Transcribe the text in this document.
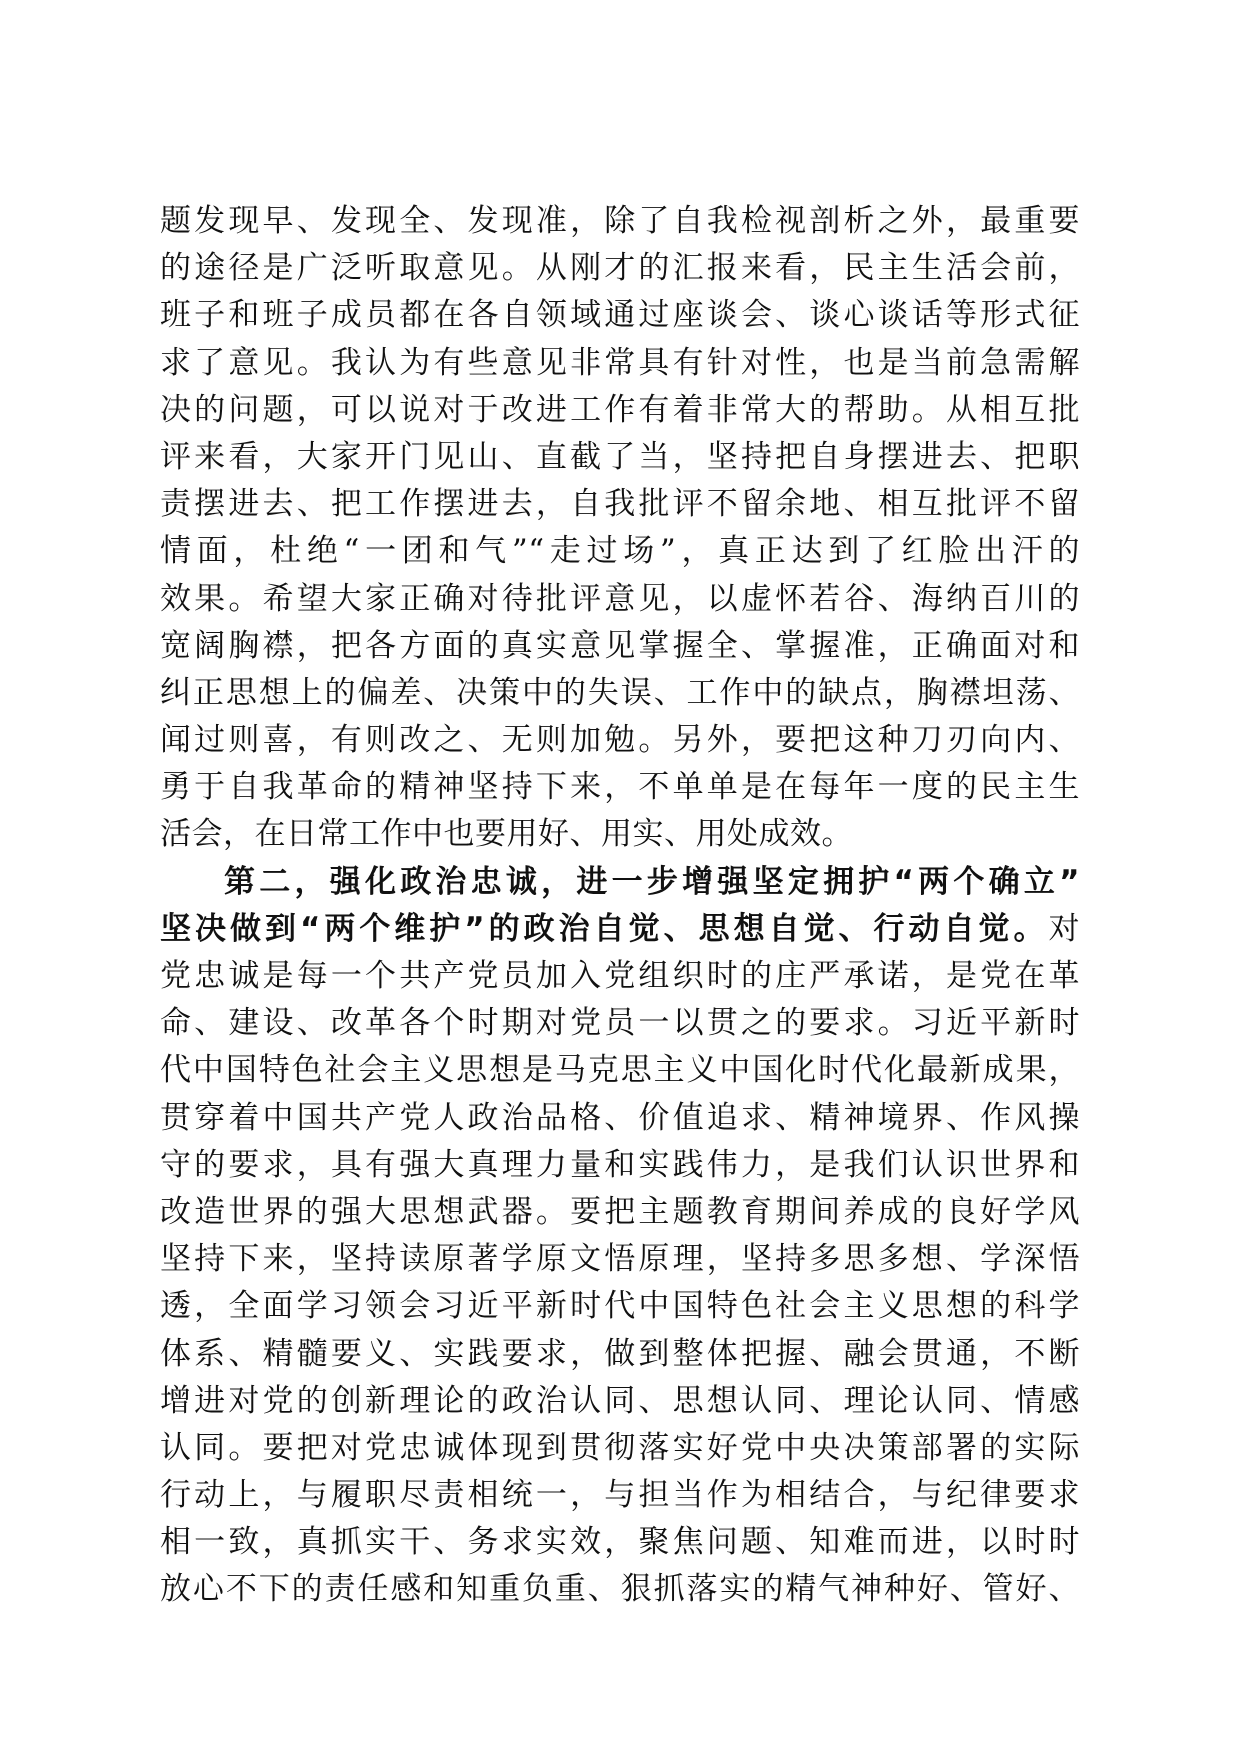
题发现早、发现全、发现准，除了自我检视剖析之外，最重要
的途径是广泛听取意见。从刚才的汇报来看，民主生活会前，
班子和班子成员都在各自领域通过座谈会、谈心谈话等形式征
求了意见。我认为有些意见非常具有针对性，也是当前急需解
决的问题，可以说对于改进工作有着非常大的帮助。从相互批
评来看，大家开门见山、直截了当，坚持把自身摆进去、把职
责摆进去、把工作摆进去，自我批评不留余地、相互批评不留
情面，杜绝“一团和气”“走过场”，真正达到了红脸出汗的
效果。希望大家正确对待批评意见，以虚怀若谷、海纳百川的
宽阔胸襟，把各方面的真实意见掌握全、掌握准，正确面对和
纠正思想上的偏差、决策中的失误、工作中的缺点，胸襟坦荡、
闻过则喜，有则改之、无则加勉。另外，要把这种刀刃向内、
勇于自我革命的精神坚持下来，不单单是在每年一度的民主生
活会，在日常工作中也要用好、用实、用处成效。
第二，强化政治忠诚，进一步增强坚定拥护“两个确立”
坚决做到“两个维护”的政治自觉、思想自觉、行动自觉。对
党忠诚是每一个共产党员加入党组织时的庄严承诺，是党在革
命、建设、改革各个时期对党员一以贯之的要求。习近平新时
代中国特色社会主义思想是马克思主义中国化时代化最新成果，
贯穿着中国共产党人政治品格、价值追求、精神境界、作风操
守的要求，具有强大真理力量和实践伟力，是我们认识世界和
改造世界的强大思想武器。要把主题教育期间养成的良好学风
坚持下来，坚持读原著学原文悟原理，坚持多思多想、学深悟
透，全面学习领会习近平新时代中国特色社会主义思想的科学
体系、精髓要义、实践要求，做到整体把握、融会贯通，不断
增进对党的创新理论的政治认同、思想认同、理论认同、情感
认同。要把对党忠诚体现到贯彻落实好党中央决策部署的实际
行动上，与履职尽责相统一，与担当作为相结合，与纪律要求
相一致，真抓实干、务求实效，聚焦问题、知难而进，以时时
放心不下的责任感和知重负重、狠抓落实的精气神种好、管好、
